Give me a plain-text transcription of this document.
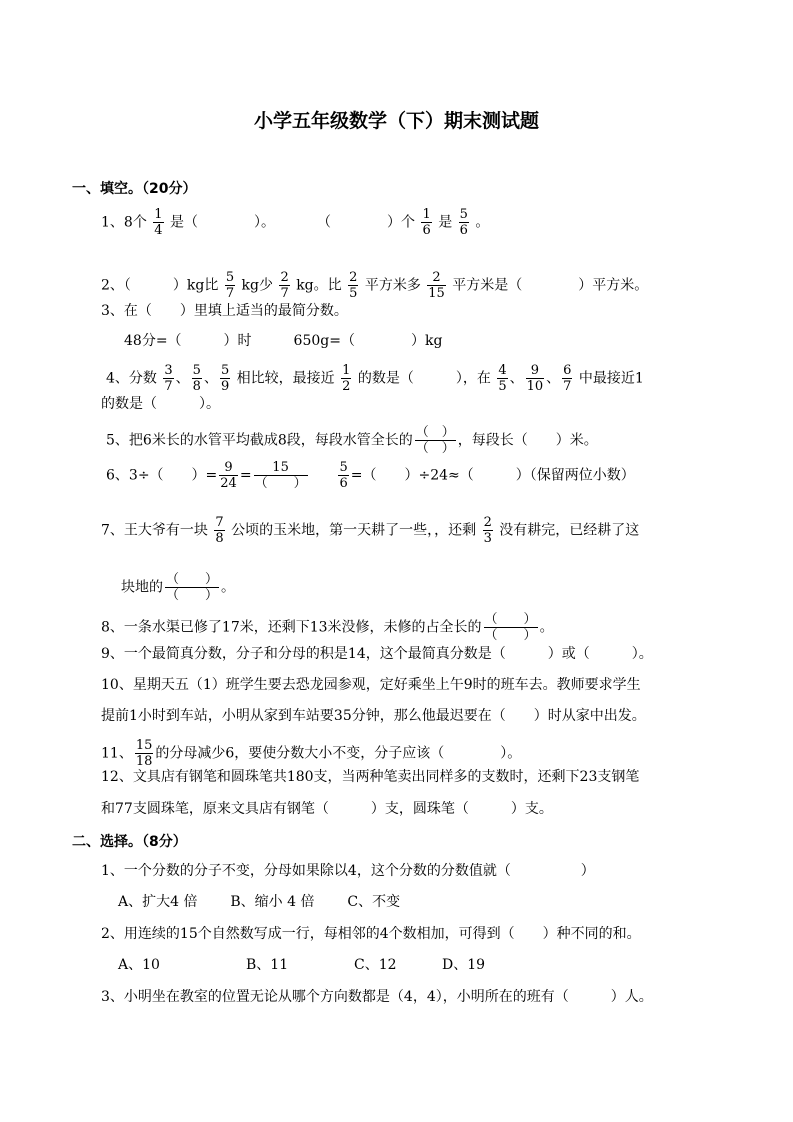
小学五年级数学（下）期末测试题
一、填空。（20分）
1、8个 $\frac{1}{4}$ 是（　　　　）。　　　　（　　　　）个 $\frac{1}{6}$ 是 $\frac{5}{6}$ 。
2、（　　　）kg比 $\frac{5}{7}$ kg少 $\frac{2}{7}$ kg。比 $\frac{2}{5}$ 平方米多 $\frac{2}{15}$ 平方米是（　　　　）平方米。
3、在（　　）里填上适当的最简分数。
48分=（　　　）时　　　650g=（　　　　）kg
4、分数 $\frac{3}{7}$ 、 $\frac{5}{8}$ 、 $\frac{5}{9}$ 相比较，最接近 $\frac{1}{2}$ 的数是（　　　），在 $\frac{4}{5}$ 、 $\frac{9}{10}$ 、 $\frac{6}{7}$ 中最接近1
的数是（　　　）。
5、把6米长的水管平均截成8段，每段水管全长的 $\frac{( )}{( )}$ ，每段长（　　）米。
6、3÷（　　）= $\frac{9}{24} = \frac{15}{( )}$
$\frac{5}{6}$ =（　　）÷24≈（　　　）（保留两位小数）
7、王大爷有一块 $\frac{7}{8}$ 公顷的玉米地，第一天耕了一些，，还剩 $\frac{2}{3}$ 没有耕完，已经耕了这
块地的 $\frac{( )}{( )}$ 。
8、一条水渠已修了17米，还剩下13米没修，未修的占全长的 $\frac{( )}{( )}$ 。
9、一个最简真分数，分子和分母的积是14，这个最简真分数是（　　　）或（　　　）。
10、星期天五（1）班学生要去恐龙园参观，定好乘坐上午9时的班车去。教师要求学生
提前1小时到车站，小明从家到车站要35分钟，那么他最迟要在（　　）时从家中出发。
11、 $\frac{15}{18}$ 的分母减少6，要使分数大小不变，分子应该（　　　　）。
12、文具店有钢笔和圆珠笔共180支，当两种笔卖出同样多的支数时，还剩下23支钢笔
和77支圆珠笔，原来文具店有钢笔（　　　）支，圆珠笔（　　　）支。
二、选择。（8分）
1、一个分数的分子不变，分母如果除以4，这个分数的分数值就（　　　　　）
A、扩大4 倍 B、缩小 4 倍 C、不变
2、用连续的15个自然数写成一行，每相邻的4个数相加，可得到（　　）种不同的和。
A、10	B、11	C、12	D、19
3、小明坐在教室的位置无论从哪个方向数都是（4，4），小明所在的班有（　　　）人。
